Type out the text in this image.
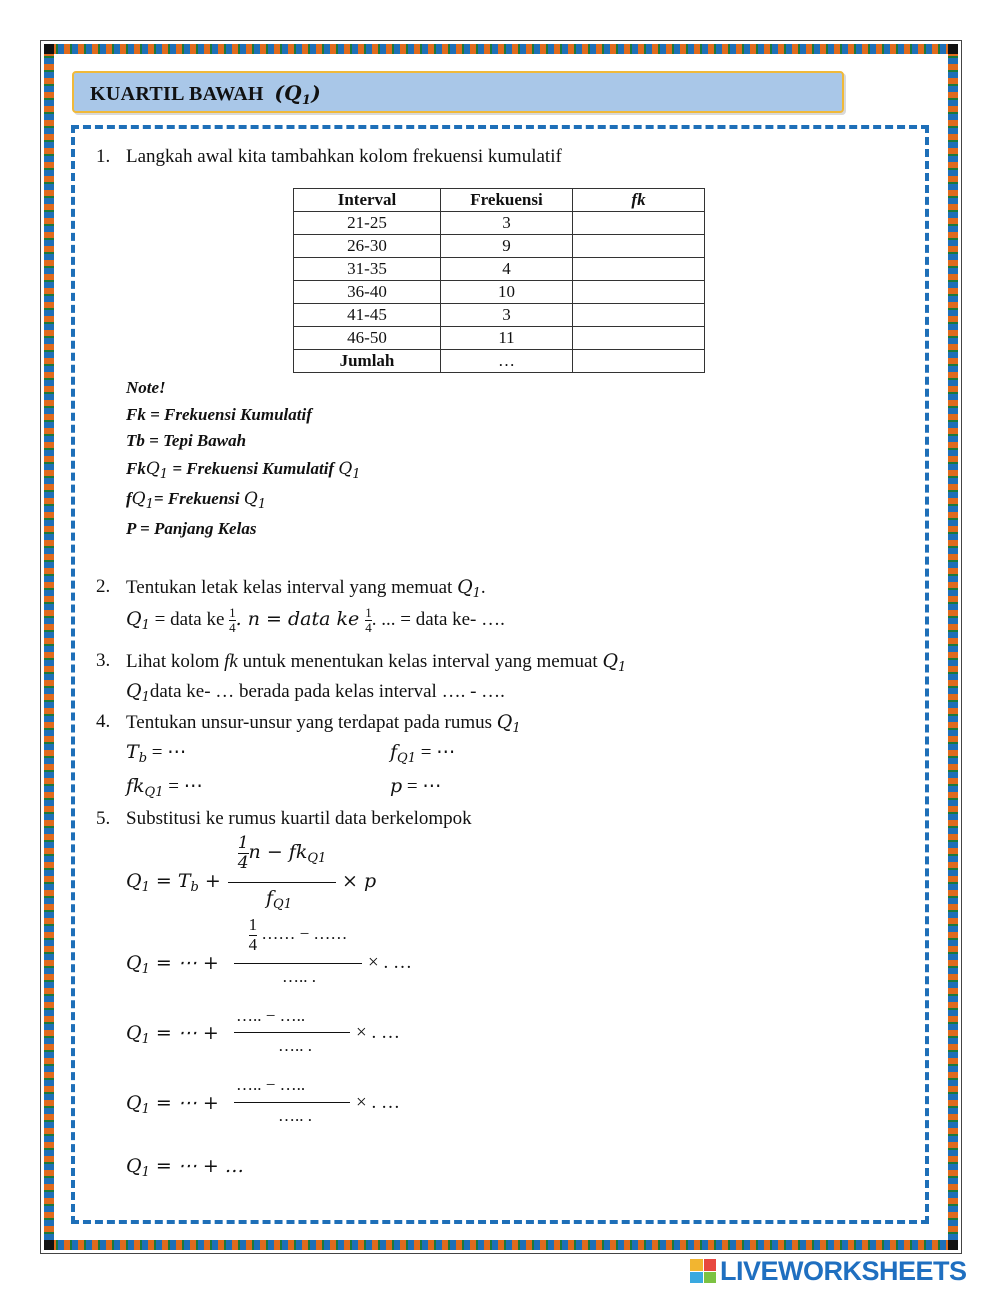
KUARTIL BAWAH $(Q_1)$
1. Langkah awal kita tambahkan kolom frekuensi kumulatif
Interval	Frekuensi	fk
21-25	3	
26-30	9	
31-35	4	
36-40	10	
41-45	3	
46-50	11	
Jumlah	…	
Note!
Fk = Frekuensi Kumulatif
Tb = Tepi Bawah
FkQ$_1$ = Frekuensi Kumulatif $Q_1$
$fQ_1=$ Frekuensi $Q_1$
P = Panjang Kelas
2. Tentukan letak kelas interval yang memuat $Q_1$.
$Q_1$ = data ke $\frac{1}{4}$ . n = data ke $\frac{1}{4}$ . ... = data ke- ….
3. Lihat kolom fk untuk menentukan kelas interval yang memuat $Q_1$
$Q_1data$ ke- … berada pada kelas interval …. - ….
4. Tentukan unsur-unsur yang terdapat pada rumus $Q_1$
$T_b$ = ⋯	$f_{Q1}$ = ⋯
$fk_{Q1}$ = ⋯	p = ⋯
5. Substitusi ke rumus kuartil data berkelompok
$Q_1 = T_b$ +
$\frac{1}{4}$ $n - fk_{Q1}$
$f_{Q1}$
× p
$Q_1$ = ⋯ +
$\frac{1}{4}$ …… − ……
….. .
× . …
$Q_1$ = ⋯ +
….. − …..
….. .
× . …
$Q_1$ = ⋯ +
….. − …..
….. .
× . …
$Q_1$ = ⋯ + …
LIVEWORKSHEETS
